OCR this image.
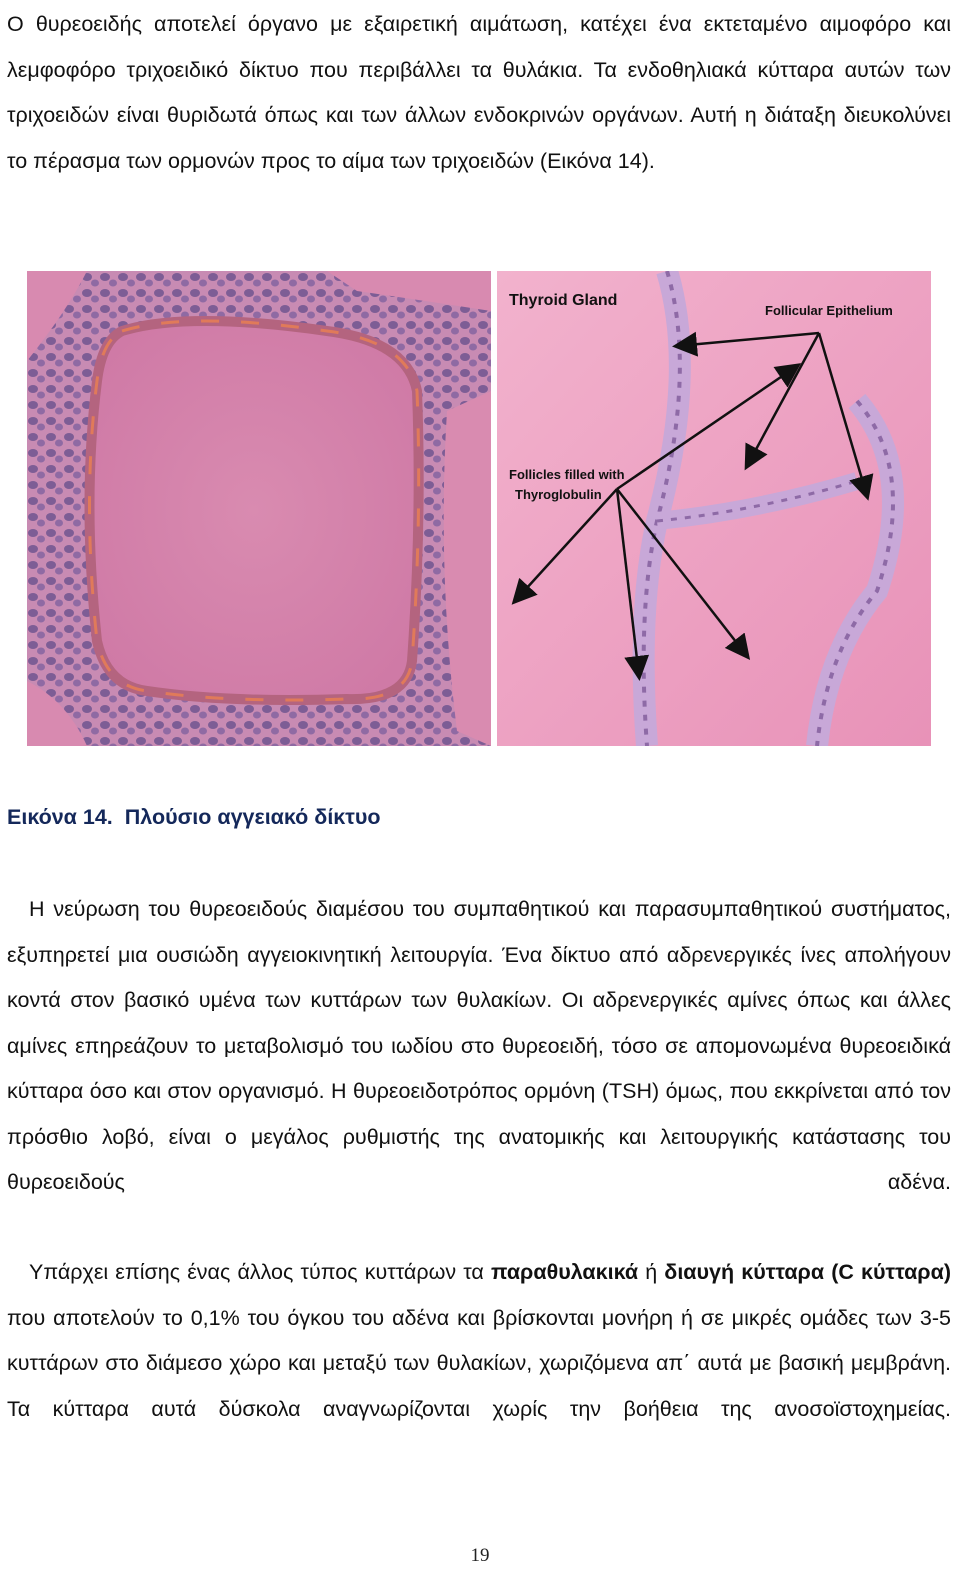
Ο θυρεοειδής αποτελεί όργανο με εξαιρετική αιμάτωση, κατέχει ένα εκτεταμένο αιμοφόρο και λεμφοφόρο τριχοειδικό δίκτυο που περιβάλλει τα θυλάκια. Τα ενδοθηλιακά κύτταρα αυτών των τριχοειδών είναι θυριδωτά όπως και των άλλων ενδοκρινών οργάνων. Αυτή η διάταξη διευκολύνει το πέρασμα των ορμονών προς το αίμα των τριχοειδών (Εικόνα 14).

Thyroid Gland
Follicular Epithelium
Follicles filled with
Thyroglobulin
Εικόνα 14. Πλούσιο αγγειακό δίκτυο

Η νεύρωση του θυρεοειδούς διαμέσου του συμπαθητικού και παρασυμπαθητικού συστήματος, εξυπηρετεί μια ουσιώδη αγγειοκινητική λειτουργία. Ένα δίκτυο από αδρενεργικές ίνες απολήγουν κοντά στον βασικό υμένα των κυττάρων των θυλακίων. Οι αδρενεργικές αμίνες όπως και άλλες αμίνες επηρεάζουν το μεταβολισμό του ιωδίου στο θυρεοειδή, τόσο σε απομονωμένα θυρεοειδικά κύτταρα όσο και στον οργανισμό. Η θυρεοειδοτρόπος ορμόνη (TSH) όμως, που εκκρίνεται από τον πρόσθιο λοβό, είναι ο μεγάλος ρυθμιστής της ανατομικής και λειτουργικής κατάστασης του θυρεοειδούς αδένα.

Υπάρχει επίσης ένας άλλος τύπος κυττάρων τα παραθυλακικά ή διαυγή κύτταρα (C κύτταρα) που αποτελούν το 0,1% του όγκου του αδένα και βρίσκονται μονήρη ή σε μικρές ομάδες των 3-5 κυττάρων στο διάμεσο χώρο και μεταξύ των θυλακίων, χωριζόμενα απ΄ αυτά με βασική μεμβράνη. Τα κύτταρα αυτά δύσκολα αναγνωρίζονται χωρίς την βοήθεια της ανοσοϊστοχημείας.

19
